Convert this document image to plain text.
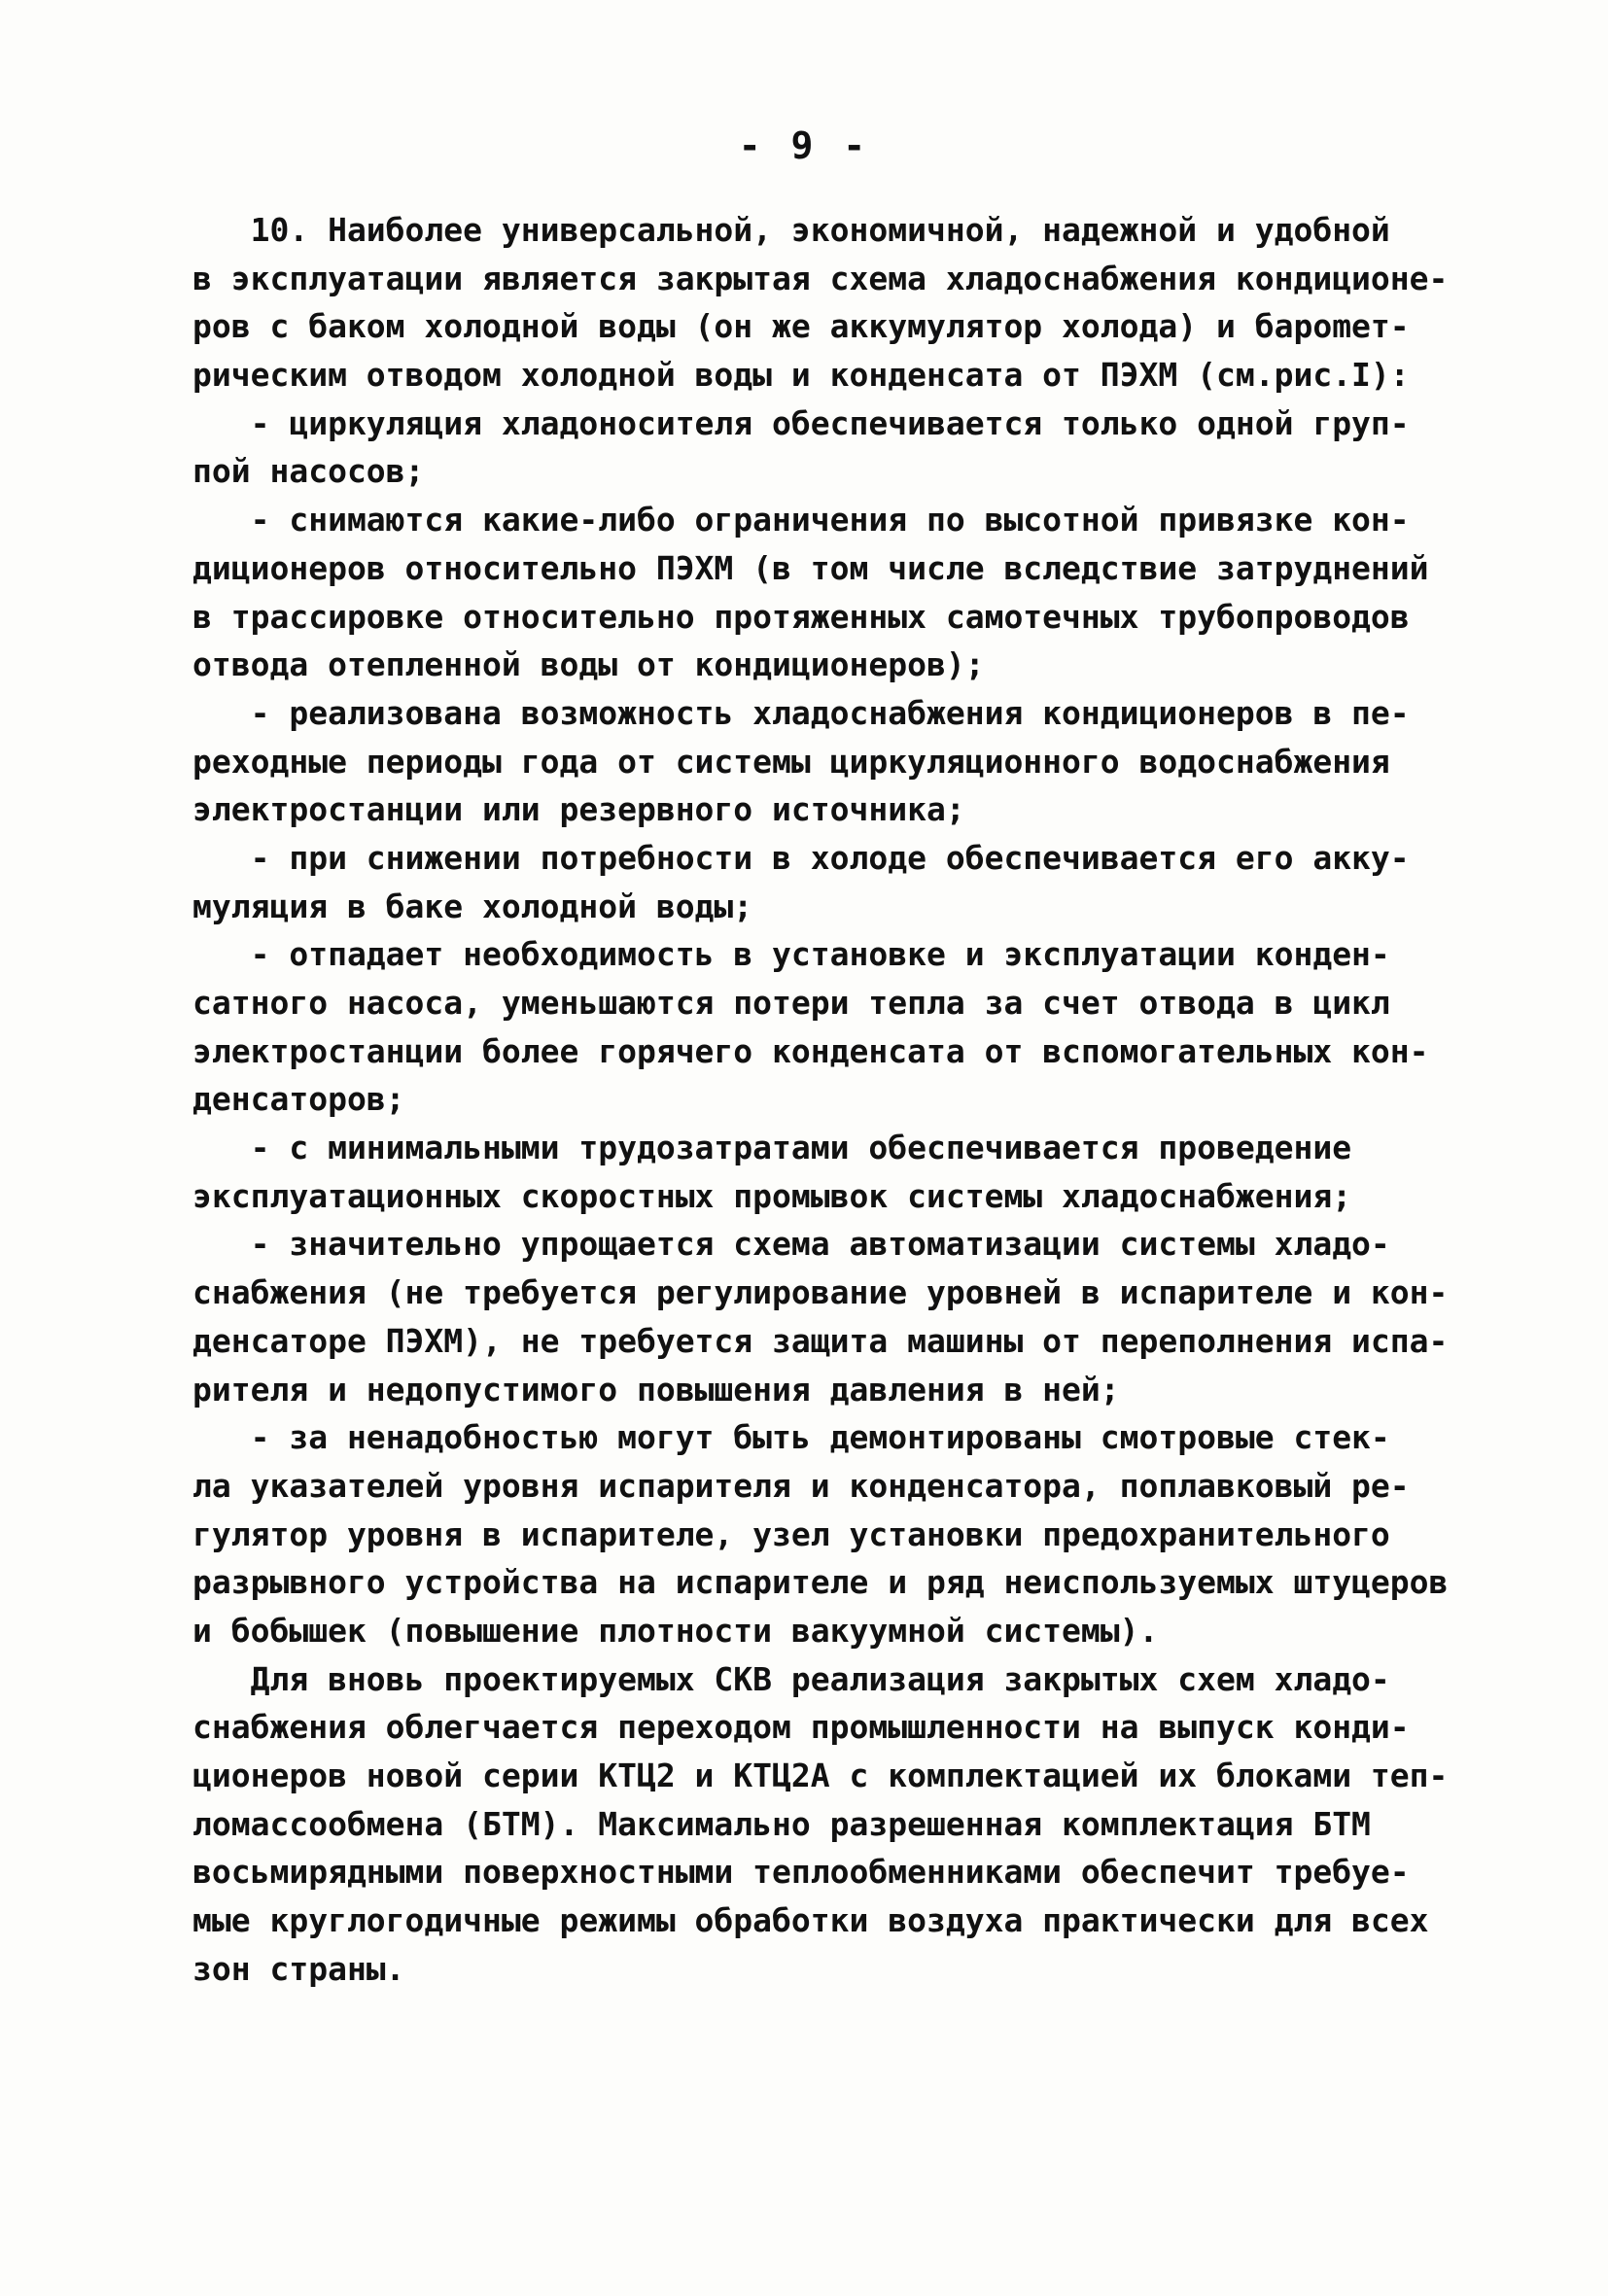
- 9 -
10. Наиболее универсальной, экономичной, надежной и удобной
в эксплуатации является закрытая схема хладоснабжения кондиционе-
ров с баком холодной воды (он же аккумулятор холода) и барomет-
рическим отводом холодной воды и конденсата от ПЭХМ (см.рис.I):
- циркуляция хладоносителя обеспечивается только одной груп-
пой насосов;
- снимаются какие-либо ограничения по высотной привязке кон-
диционеров относительно ПЭХМ (в том числе вследствие затруднений
в трассировке относительно протяженных самотечных трубопроводов
отвода отепленной воды от кондиционеров);
- реализована возможность хладоснабжения кондиционеров в пе-
реходные периоды года от системы циркуляционного водоснабжения
электростанции или резервного источника;
- при снижении потребности в холоде обеспечивается его акку-
муляция в баке холодной воды;
- отпадает необходимость в установке и эксплуатации конден-
сатного насоса, уменьшаются потери тепла за счет отвода в цикл
электростанции более горячего конденсата от вспомогательных кон-
денсаторов;
- с минимальными трудозатратами обеспечивается проведение
эксплуатационных скоростных промывок системы хладоснабжения;
- значительно упрощается схема автоматизации системы хладо-
снабжения (не требуется регулирование уровней в испарителе и кон-
денсаторе ПЭХМ), не требуется защита машины от переполнения испа-
рителя и недопустимого повышения давления в ней;
- за ненадобностью могут быть демонтированы смотровые стек-
ла указателей уровня испарителя и конденсатора, поплавковый ре-
гулятор уровня в испарителе, узел установки предохранительного
разрывного устройства на испарителе и ряд неиспользуемых штуцеров
и бобышек (повышение плотности вакуумной системы).
Для вновь проектируемых СКВ реализация закрытых схем хладо-
снабжения облегчается переходом промышленности на выпуск конди-
ционеров новой серии КТЦ2 и КТЦ2А с комплектацией их блоками теп-
ломассообмена (БТМ). Максимально разрешенная комплектация БТМ
восьмирядными поверхностными теплообменниками обеспечит требуе-
мые круглогодичные режимы обработки воздуха практически для всех
зон страны.
